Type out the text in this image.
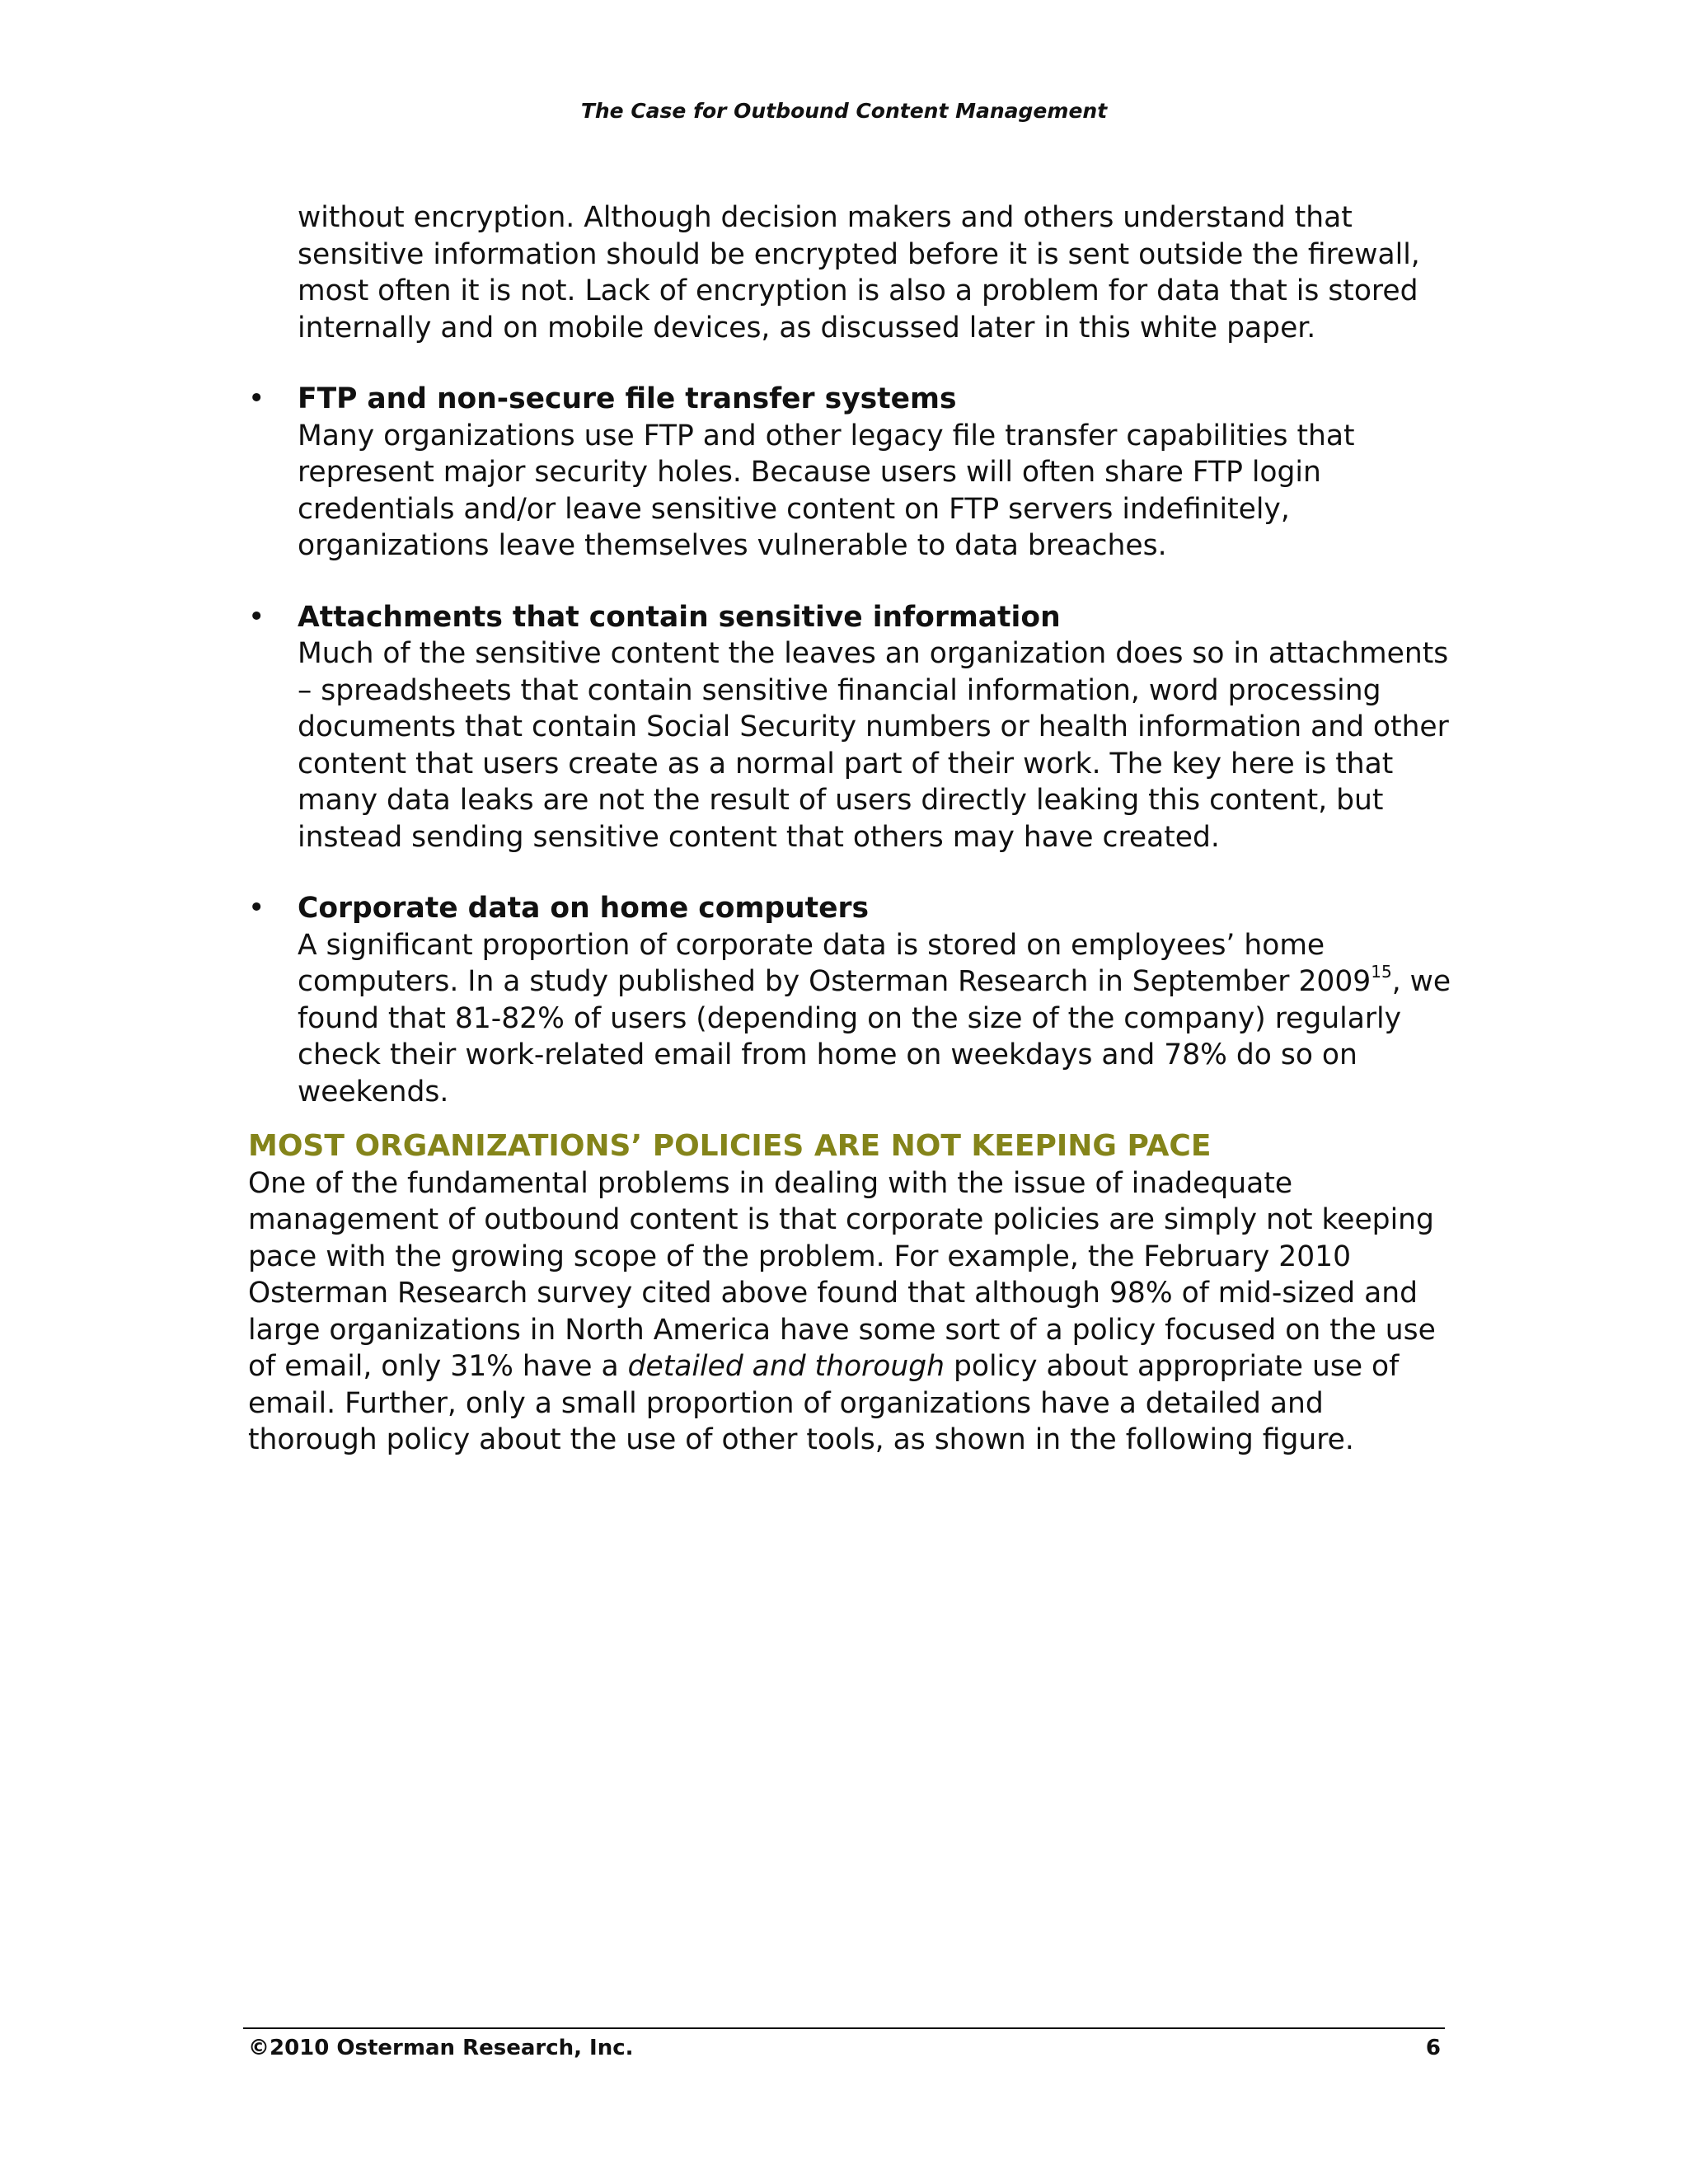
The Case for Outbound Content Management

without encryption. Although decision makers and others understand that sensitive information should be encrypted before it is sent outside the firewall, most often it is not. Lack of encryption is also a problem for data that is stored internally and on mobile devices, as discussed later in this white paper.

• FTP and non-secure file transfer systems
Many organizations use FTP and other legacy file transfer capabilities that represent major security holes. Because users will often share FTP login credentials and/or leave sensitive content on FTP servers indefinitely, organizations leave themselves vulnerable to data breaches.
• Attachments that contain sensitive information
Much of the sensitive content the leaves an organization does so in attachments – spreadsheets that contain sensitive financial information, word processing documents that contain Social Security numbers or health information and other content that users create as a normal part of their work. The key here is that many data leaks are not the result of users directly leaking this content, but instead sending sensitive content that others may have created.
• Corporate data on home computers
A significant proportion of corporate data is stored on employees’ home computers. In a study published by Osterman Research in September 2009$^{15}$, we found that 81-82% of users (depending on the size of the company) regularly check their work-related email from home on weekdays and 78% do so on weekends.
MOST ORGANIZATIONS’ POLICIES ARE NOT KEEPING PACE

One of the fundamental problems in dealing with the issue of inadequate management of outbound content is that corporate policies are simply not keeping pace with the growing scope of the problem. For example, the February 2010 Osterman Research survey cited above found that although 98% of mid-sized and large organizations in North America have some sort of a policy focused on the use of email, only 31% have a detailed and thorough policy about appropriate use of email. Further, only a small proportion of organizations have a detailed and thorough policy about the use of other tools, as shown in the following figure.

©2010 Osterman Research, Inc.	6
